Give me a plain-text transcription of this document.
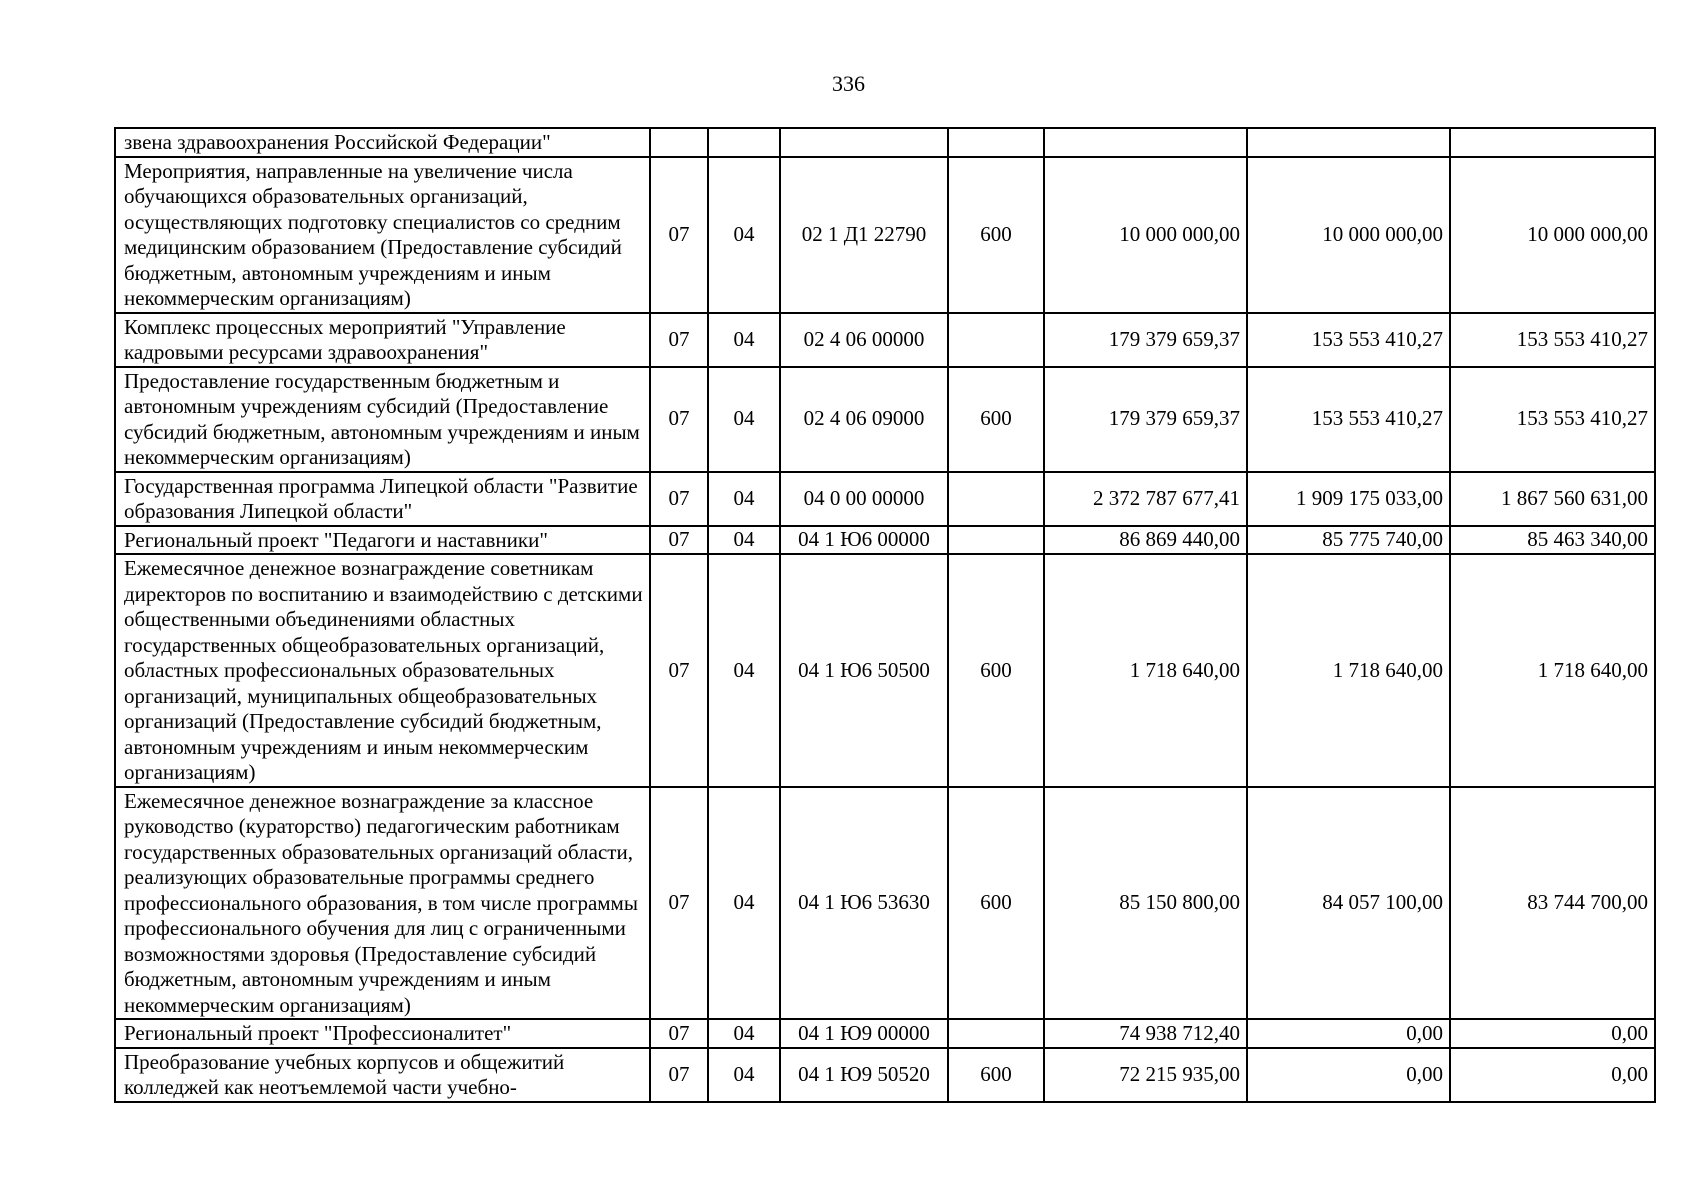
336
звена здравоохранения Российской Федерации"							
Мероприятия, направленные на увеличение числа обучающихся образовательных организаций, осуществляющих подготовку специалистов со средним медицинским образованием (Предоставление субсидий бюджетным, автономным учреждениям и иным некоммерческим организациям)	07	04	02 1 Д1 22790	600	10 000 000,00	10 000 000,00	10 000 000,00
Комплекс процессных мероприятий "Управление кадровыми ресурсами здравоохранения"	07	04	02 4 06 00000		179 379 659,37	153 553 410,27	153 553 410,27
Предоставление государственным бюджетным и автономным учреждениям субсидий (Предоставление субсидий бюджетным, автономным учреждениям и иным некоммерческим организациям)	07	04	02 4 06 09000	600	179 379 659,37	153 553 410,27	153 553 410,27
Государственная программа Липецкой области "Развитие образования Липецкой области"	07	04	04 0 00 00000		2 372 787 677,41	1 909 175 033,00	1 867 560 631,00
Региональный проект "Педагоги и наставники"	07	04	04 1 Ю6 00000		86 869 440,00	85 775 740,00	85 463 340,00
Ежемесячное денежное вознаграждение советникам директоров по воспитанию и взаимодействию с детскими общественными объединениями областных государственных общеобразовательных организаций, областных профессиональных образовательных организаций, муниципальных общеобразовательных организаций (Предоставление субсидий бюджетным, автономным учреждениям и иным некоммерческим организациям)	07	04	04 1 Ю6 50500	600	1 718 640,00	1 718 640,00	1 718 640,00
Ежемесячное денежное вознаграждение за классное руководство (кураторство) педагогическим работникам государственных образовательных организаций области, реализующих образовательные программы среднего профессионального образования, в том числе программы профессионального обучения для лиц с ограниченными возможностями здоровья (Предоставление субсидий бюджетным, автономным учреждениям и иным некоммерческим организациям)	07	04	04 1 Ю6 53630	600	85 150 800,00	84 057 100,00	83 744 700,00
Региональный проект "Профессионалитет"	07	04	04 1 Ю9 00000		74 938 712,40	0,00	0,00
Преобразование учебных корпусов и общежитий колледжей как неотъемлемой части учебно-	07	04	04 1 Ю9 50520	600	72 215 935,00	0,00	0,00
